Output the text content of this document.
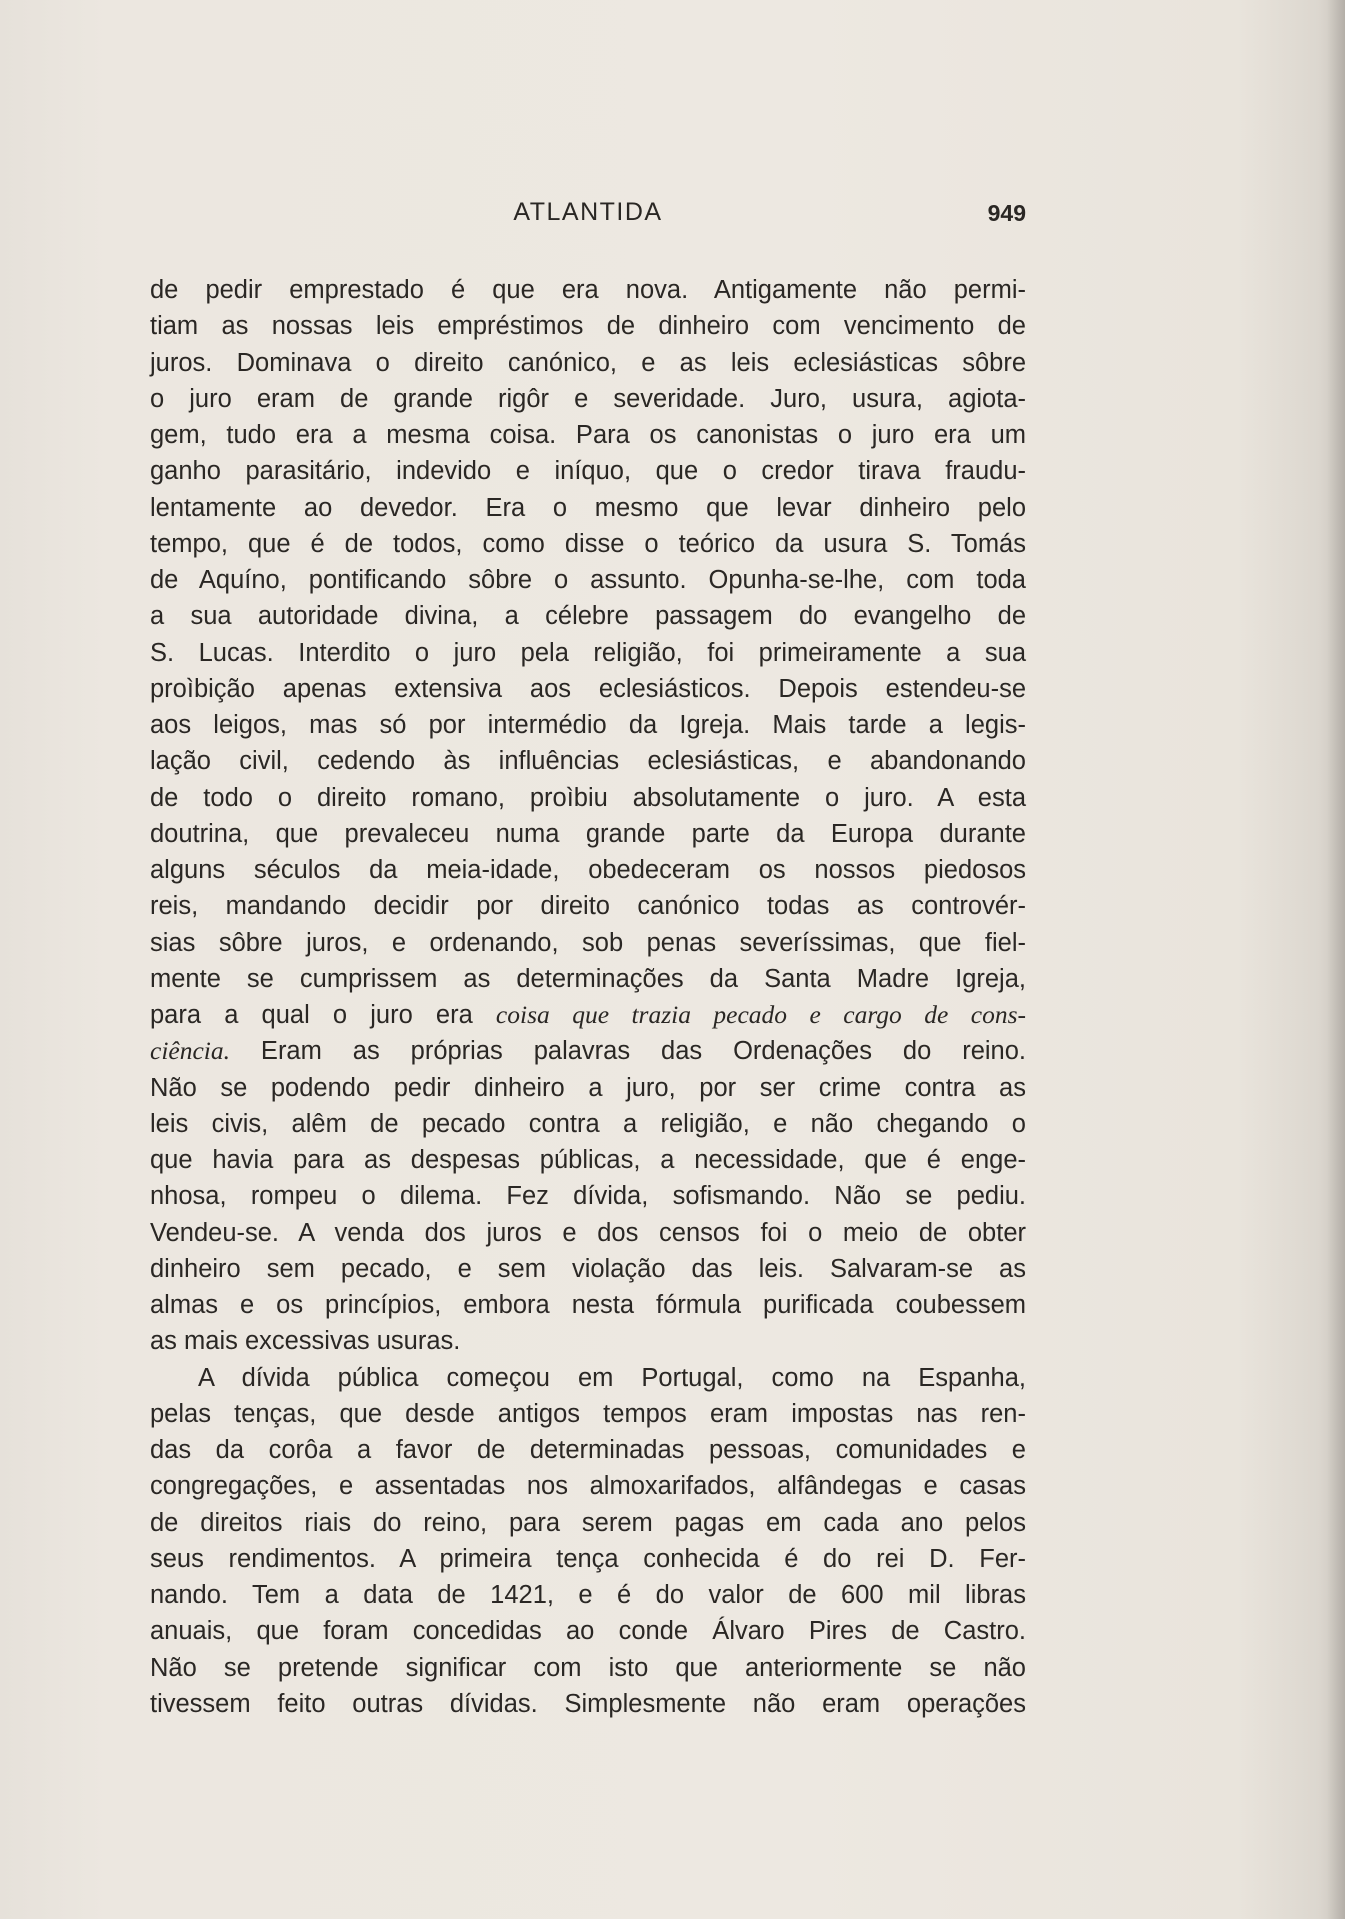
ATLANTIDA	949
de pedir emprestado é que era nova. Antigamente não permi-
tiam as nossas leis empréstimos de dinheiro com vencimento de
juros. Dominava o direito canónico, e as leis eclesiásticas sôbre
o juro eram de grande rigôr e severidade. Juro, usura, agiota-
gem, tudo era a mesma coisa. Para os canonistas o juro era um
ganho parasitário, indevido e iníquo, que o credor tirava fraudu-
lentamente ao devedor. Era o mesmo que levar dinheiro pelo
tempo, que é de todos, como disse o teórico da usura S. Tomás
de Aquíno, pontificando sôbre o assunto. Opunha-se-lhe, com toda
a sua autoridade divina, a célebre passagem do evangelho de
S. Lucas. Interdito o juro pela religião, foi primeiramente a sua
proìbição apenas extensiva aos eclesiásticos. Depois estendeu-se
aos leigos, mas só por intermédio da Igreja. Mais tarde a legis-
lação civil, cedendo às influências eclesiásticas, e abandonando
de todo o direito romano, proìbiu absolutamente o juro. A esta
doutrina, que prevaleceu numa grande parte da Europa durante
alguns séculos da meia-idade, obedeceram os nossos piedosos
reis, mandando decidir por direito canónico todas as controvér-
sias sôbre juros, e ordenando, sob penas severíssimas, que fiel-
mente se cumprissem as determinações da Santa Madre Igreja,
para a qual o juro era coisa que trazia pecado e cargo de cons-
ciência. Eram as próprias palavras das Ordenações do reino.
Não se podendo pedir dinheiro a juro, por ser crime contra as
leis civis, alêm de pecado contra a religião, e não chegando o
que havia para as despesas públicas, a necessidade, que é enge-
nhosa, rompeu o dilema. Fez dívida, sofismando. Não se pediu.
Vendeu-se. A venda dos juros e dos censos foi o meio de obter
dinheiro sem pecado, e sem violação das leis. Salvaram-se as
almas e os princípios, embora nesta fórmula purificada coubessem
as mais excessivas usuras.
A dívida pública começou em Portugal, como na Espanha,
pelas tenças, que desde antigos tempos eram impostas nas ren-
das da corôa a favor de determinadas pessoas, comunidades e
congregações, e assentadas nos almoxarifados, alfândegas e casas
de direitos riais do reino, para serem pagas em cada ano pelos
seus rendimentos. A primeira tença conhecida é do rei D. Fer-
nando. Tem a data de 1421, e é do valor de 600 mil libras
anuais, que foram concedidas ao conde Álvaro Pires de Castro.
Não se pretende significar com isto que anteriormente se não
tivessem feito outras dívidas. Simplesmente não eram operações
